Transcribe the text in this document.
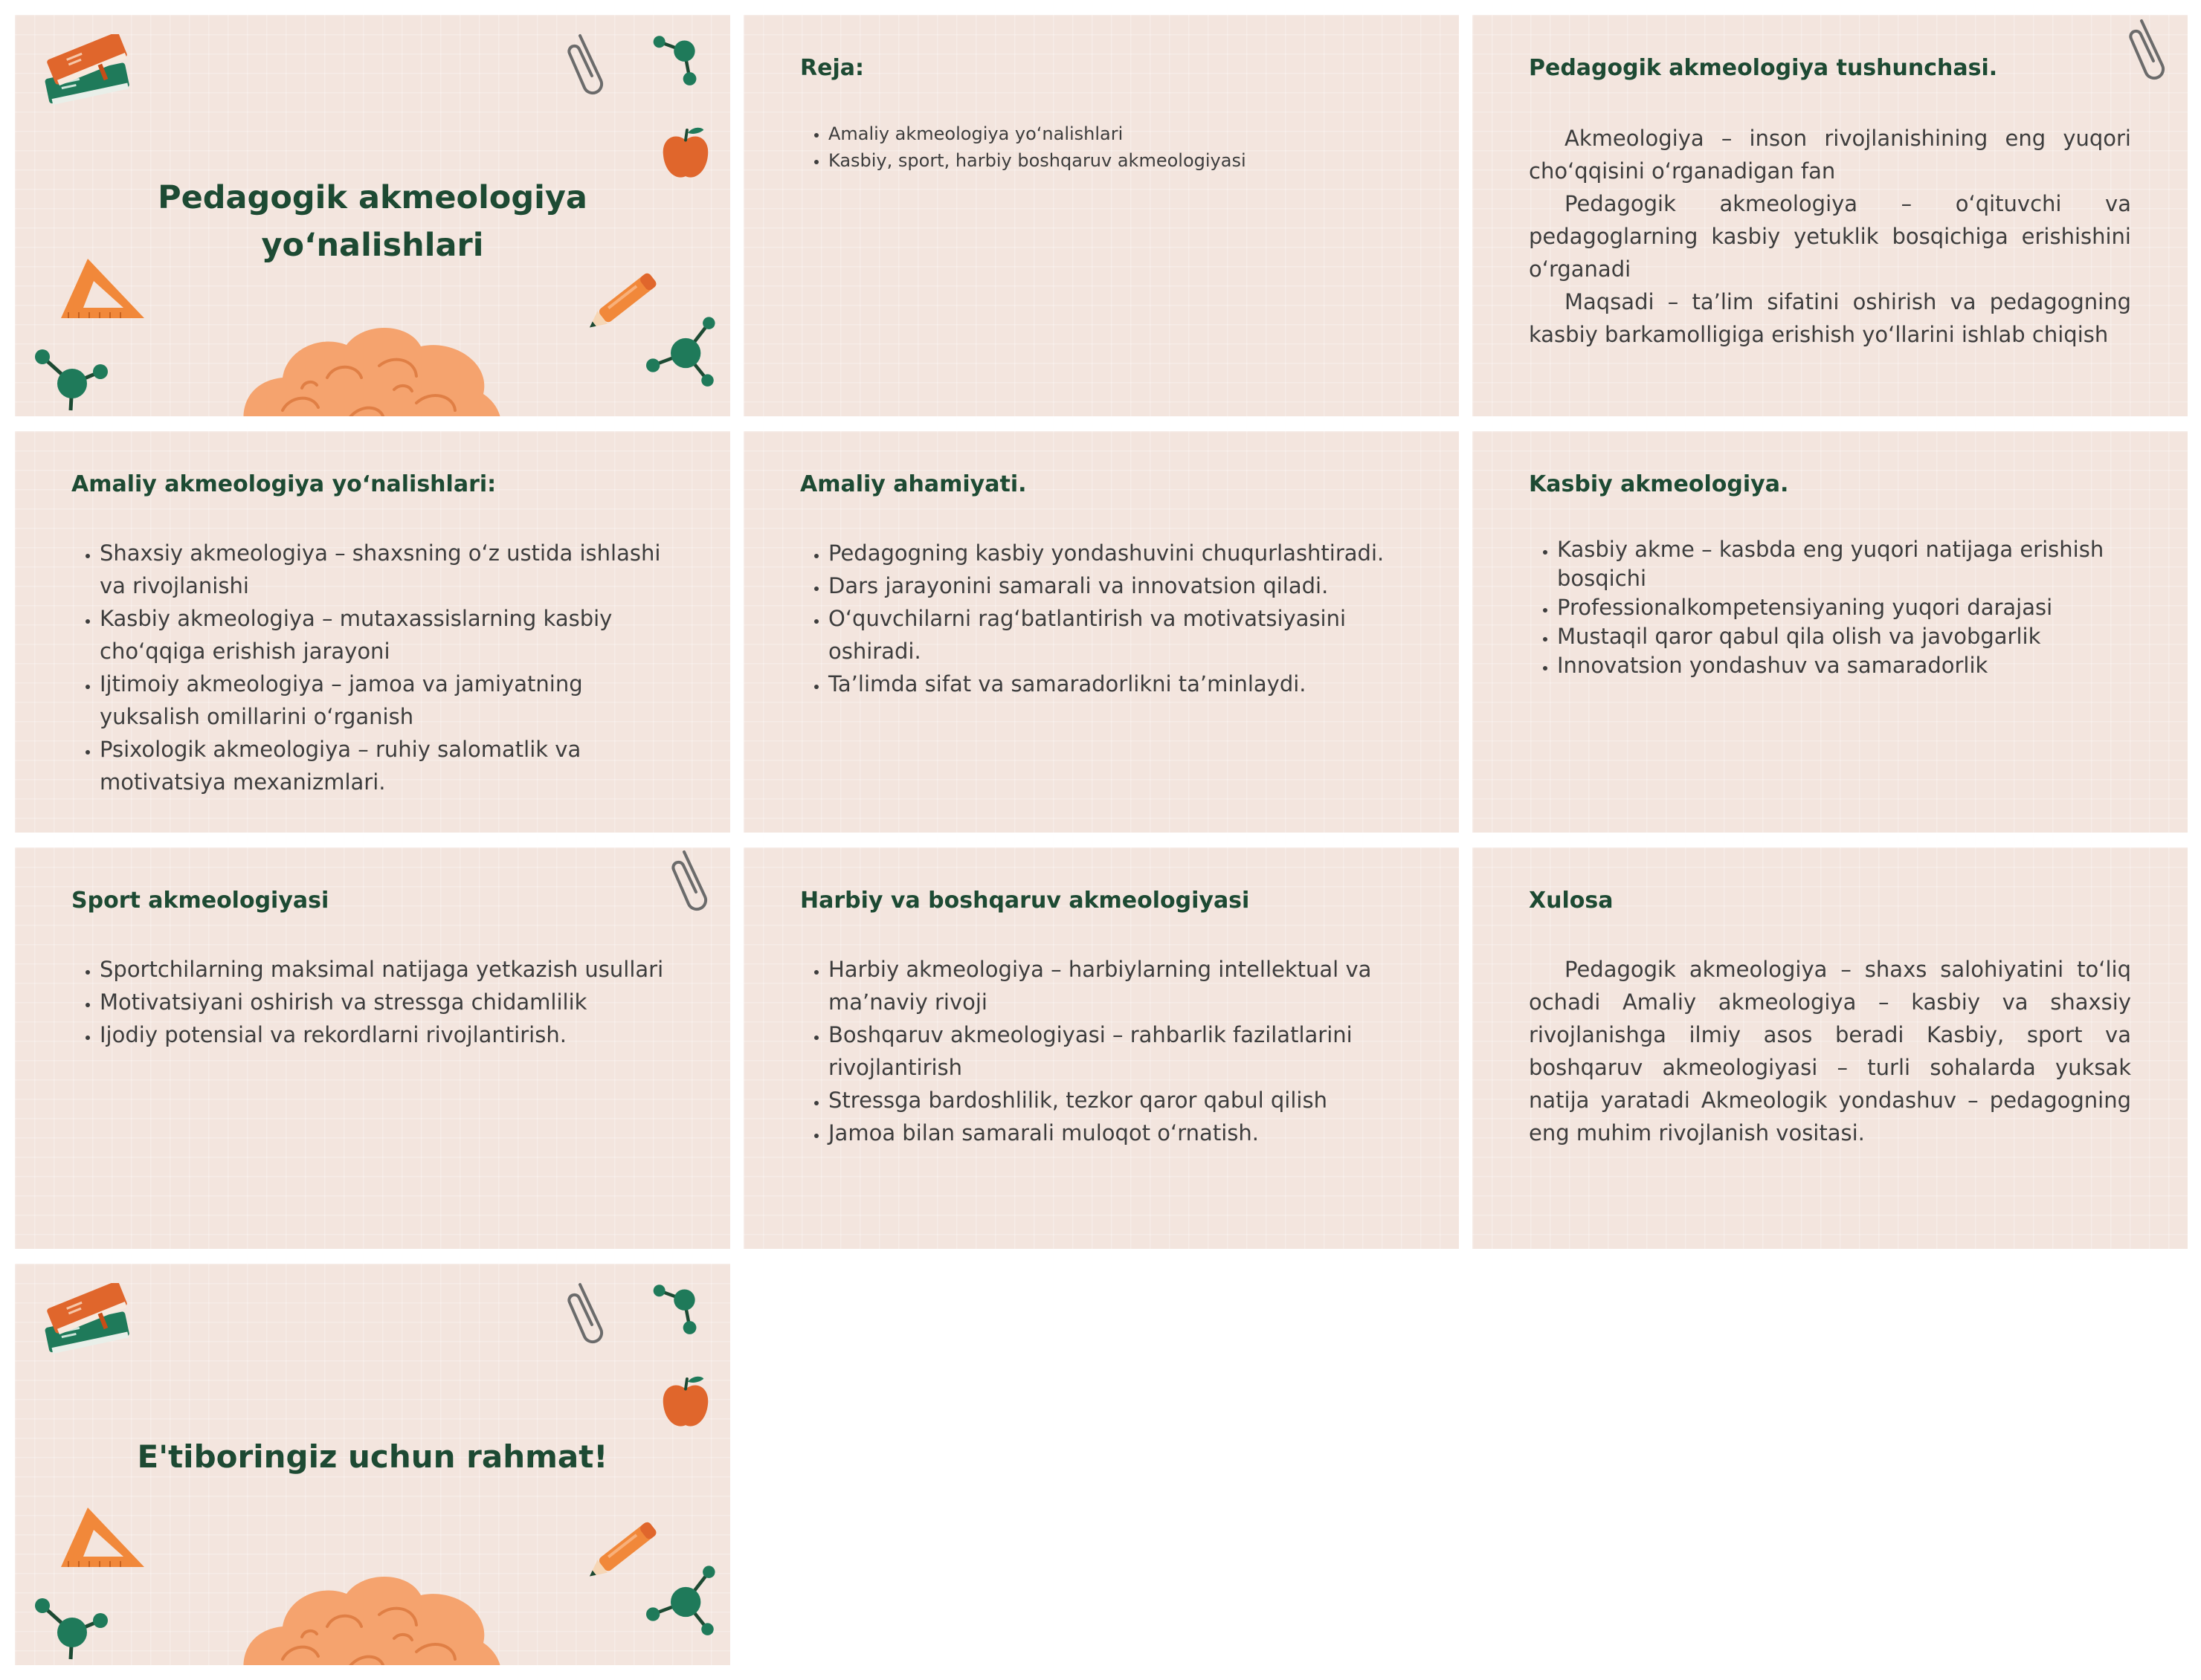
Pedagogik akmeologiya
yo‘nalishlari
Reja:
• Amaliy akmeologiya yo‘nalishlari
• Kasbiy, sport, harbiy boshqaruv akmeologiyasi
Pedagogik akmeologiya tushunchasi.

Akmeologiya – inson rivojlanishining eng yuqori cho‘qqisini o‘rganadigan fan

Pedagogik akmeologiya – o‘qituvchi va pedagoglarning kasbiy yetuklik bosqichiga erishishini o‘rganadi

Maqsadi – ta’lim sifatini oshirish va pedagogning kasbiy barkamolligiga erishish yo‘llarini ishlab chiqish

Amaliy akmeologiya yo‘nalishlari:
• Shaxsiy akmeologiya – shaxsning o‘z ustida ishlashi va rivojlanishi
• Kasbiy akmeologiya – mutaxassislarning kasbiy cho‘qqiga erishish jarayoni
• Ijtimoiy akmeologiya – jamoa va jamiyatning yuksalish omillarini o‘rganish
• Psixologik akmeologiya – ruhiy salomatlik va motivatsiya mexanizmlari.
Amaliy ahamiyati.
• Pedagogning kasbiy yondashuvini chuqurlashtiradi.
• Dars jarayonini samarali va innovatsion qiladi.
• O‘quvchilarni rag‘batlantirish va motivatsiyasini oshiradi.
• Ta’limda sifat va samaradorlikni ta’minlaydi.
Kasbiy akmeologiya.
• Kasbiy akme – kasbda eng yuqori natijaga erishish bosqichi
• Professionalkompetensiyaning yuqori darajasi
• Mustaqil qaror qabul qila olish va javobgarlik
• Innovatsion yondashuv va samaradorlik
Sport akmeologiyasi
• Sportchilarning maksimal natijaga yetkazish usullari
• Motivatsiyani oshirish va stressga chidamlilik
• Ijodiy potensial va rekordlarni rivojlantirish.
Harbiy va boshqaruv akmeologiyasi
• Harbiy akmeologiya – harbiylarning intellektual va ma’naviy rivoji
• Boshqaruv akmeologiyasi – rahbarlik fazilatlarini rivojlantirish
• Stressga bardoshlilik, tezkor qaror qabul qilish
• Jamoa bilan samarali muloqot o‘rnatish.
Xulosa

Pedagogik akmeologiya – shaxs salohiyatini to‘liq ochadi Amaliy akmeologiya – kasbiy va shaxsiy rivojlanishga ilmiy asos beradi Kasbiy, sport va boshqaruv akmeologiyasi – turli sohalarda yuksak natija yaratadi Akmeologik yondashuv – pedagogning eng muhim rivojlanish vositasi.

E'tiboringiz uchun rahmat!
